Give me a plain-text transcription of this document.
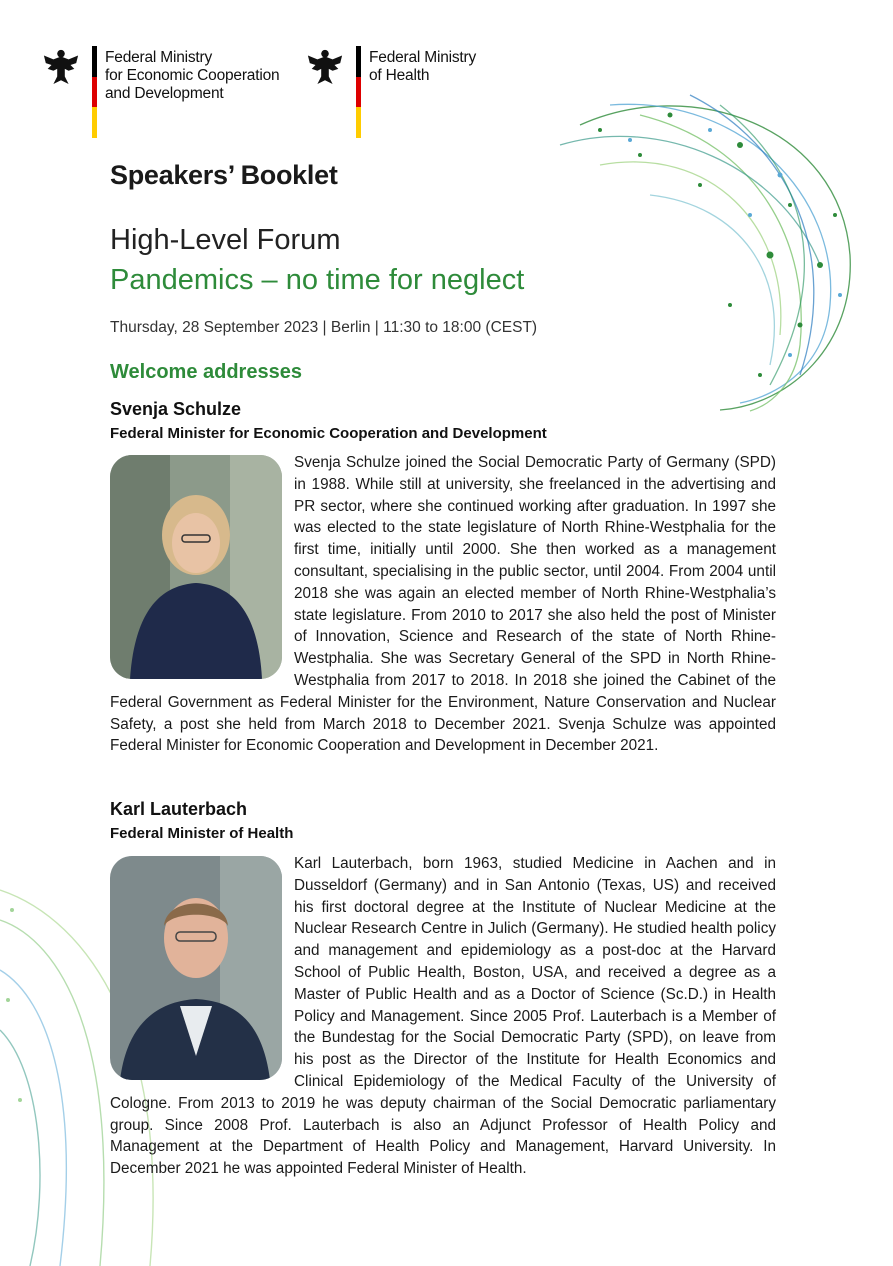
Federal Ministry
for Economic Cooperation
and Development
Federal Ministry
of Health
Speakers’ Booklet
High-Level Forum
Pandemics – no time for neglect
Thursday, 28 September 2023 | Berlin | 11:30 to 18:00 (CEST)
Welcome addresses
Svenja Schulze
Federal Minister for Economic Cooperation and Development
Svenja Schulze joined the Social Democratic Party of Germany (SPD) in 1988. While still at university, she freelanced in the advertising and PR sector, where she continued working after graduation. In 1997 she was elected to the state legislature of North Rhine-Westphalia for the first time, initially until 2000. She then worked as a management consultant, specialising in the public sector, until 2004. From 2004 until 2018 she was again an elected member of North Rhine-Westphalia’s state legislature. From 2010 to 2017 she also held the post of Minister of Innovation, Science and Research of the state of North Rhine-Westphalia. She was Secretary General of the SPD in North Rhine-Westphalia from 2017 to 2018. In 2018 she joined the Cabinet of the Federal Government as Federal Minister for the Environment, Nature Conservation and Nuclear Safety, a post she held from March 2018 to December 2021. Svenja Schulze was appointed Federal Minister for Economic Cooperation and Development in December 2021.
Karl Lauterbach
Federal Minister of Health
Karl Lauterbach, born 1963, studied Medicine in Aachen and in Dusseldorf (Germany) and in San Antonio (Texas, US) and received his first doctoral degree at the Institute of Nuclear Medicine at the Nuclear Research Centre in Julich (Germany). He studied health policy and management and epidemiology as a post-doc at the Harvard School of Public Health, Boston, USA, and received a degree as a Master of Public Health and as a Doctor of Science (Sc.D.) in Health Policy and Management. Since 2005 Prof. Lauterbach is a Member of the Bundestag for the Social Democratic Party (SPD), on leave from his post as the Director of the Institute for Health Economics and Clinical Epidemiology of the Medical Faculty of the University of Cologne. From 2013 to 2019 he was deputy chairman of the Social Democratic parliamentary group. Since 2008 Prof. Lauterbach is also an Adjunct Professor of Health Policy and Management at the Department of Health Policy and Management, Harvard University. In December 2021 he was appointed Federal Minister of Health.
